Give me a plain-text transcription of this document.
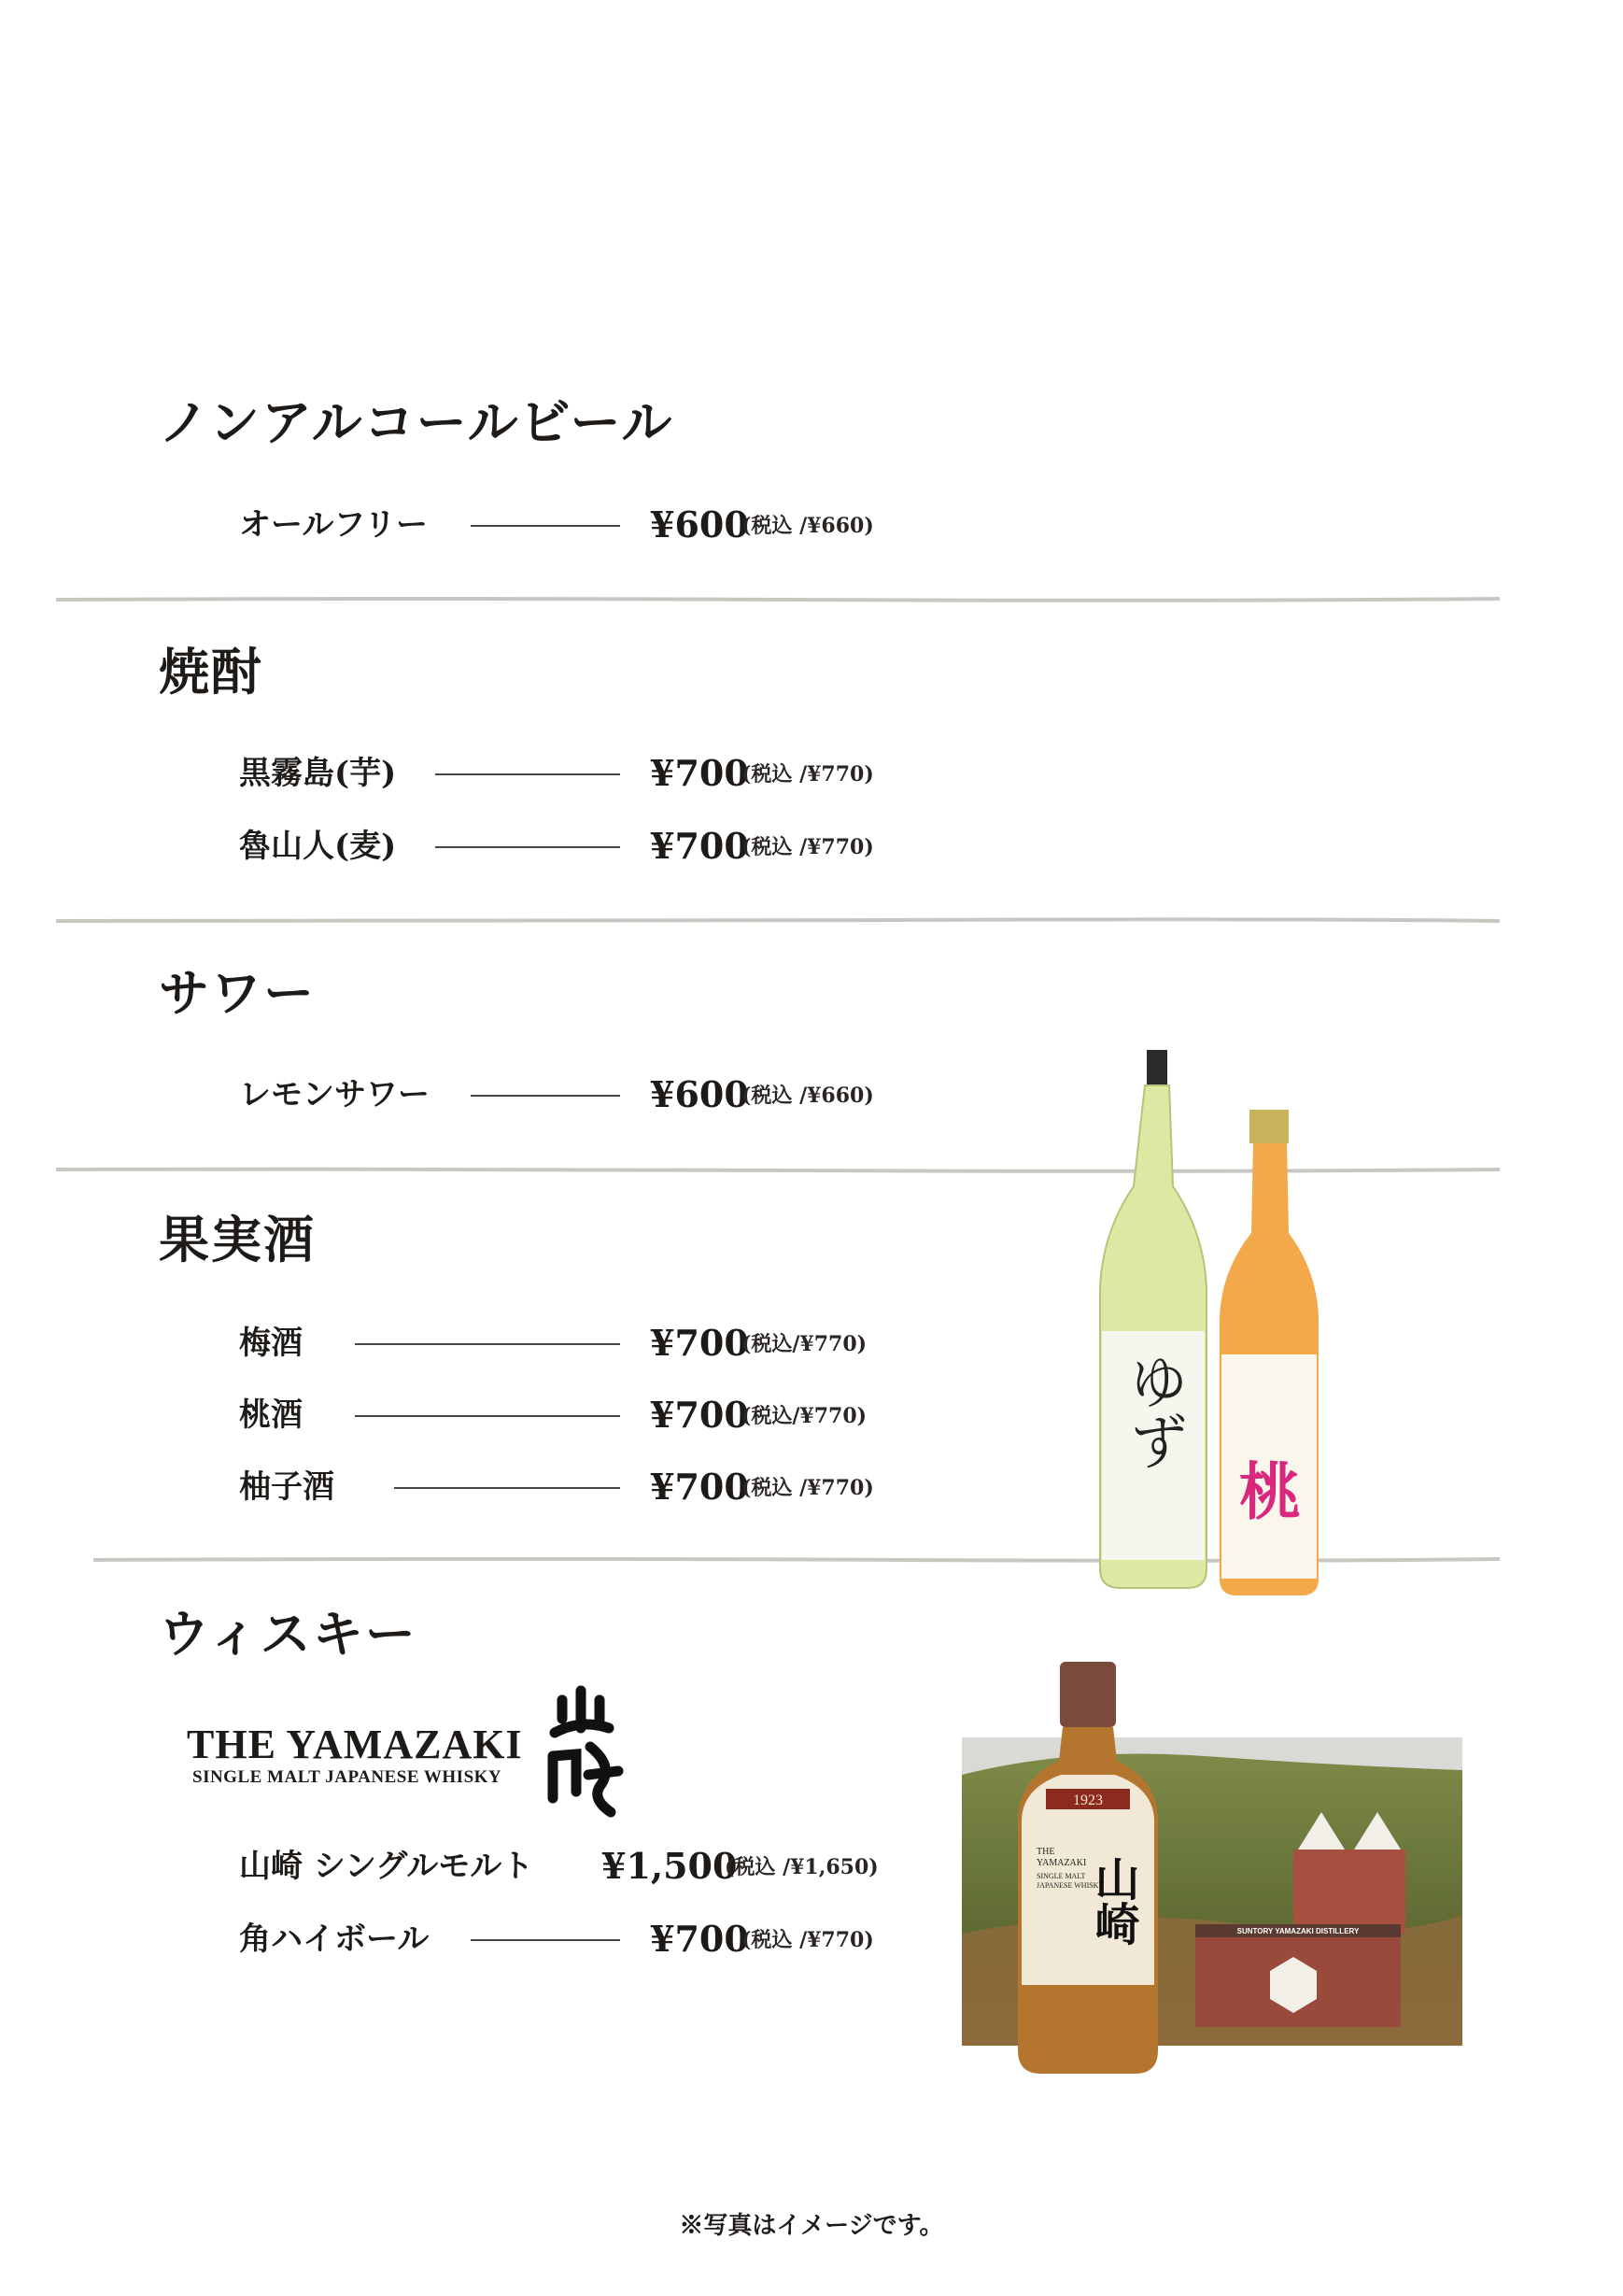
ノンアルコールビール
オールフリー	¥600
(税込 /¥660)
焼酎
黒霧島(芋)	¥700
(税込 /¥770)
魯山人(麦)	¥700
(税込 /¥770)
サワー
レモンサワー	¥600
(税込 /¥660)
果実酒
梅酒	¥700
(税込/¥770)
桃酒	¥700
(税込/¥770)
柚子酒	¥700
(税込 /¥770)
ゆず
桃
ウィスキー
THE YAMAZAKI
SINGLE MALT JAPANESE WHISKY
山崎 シングルモルト ¥1,500
(税込 /¥1,650)
角ハイボール	¥700
(税込 /¥770)	SUNTORY YAMAZAKI DISTILLERY
1923
THE
YAMAZAKI
SINGLE MALT
JAPANESE WHISKY
山崎
※写真はイメージです。
